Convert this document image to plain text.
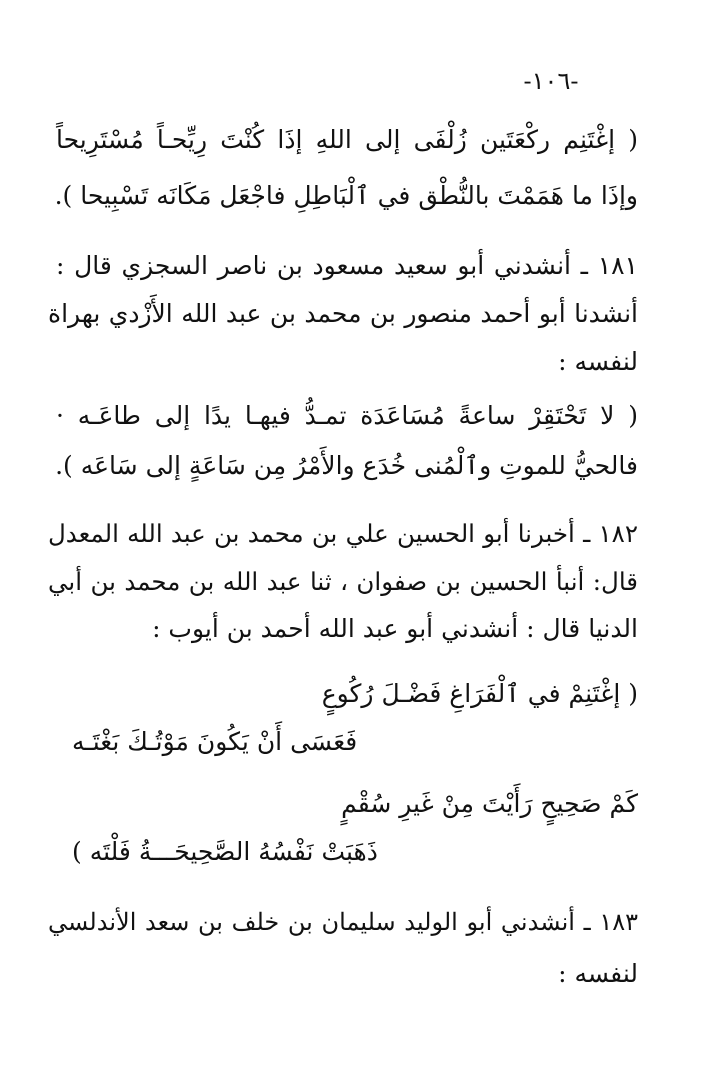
-١٠٦-
( إغْتَنِم ركْعَتَين زُلْفَى إلى اللهِ إذَا كُنْتَ رِيِّحـاً مُسْتَرِيحاً
وإذَا ما هَمَمْتَ بالنُّطْق في ٱلْبَاطِلِ فاجْعَل مَكَانَه تَسْبِيحا ).
١٨١ ـ أنشدني أبو سعيد مسعود بن ناصر السجزي قال :
أنشدنا أبو أحمد منصور بن محمد بن عبد الله الأَزْدي بهراة
لنفسه :
( لا تَحْتَقِرْ ساعةً مُسَاعَدَة تمـدُّ فيهـا يدًا إلى طاعَـه ·
فالحيُّ للموتِ وٱلْمُنى خُدَع والأَمْرُ مِن سَاعَةٍ إلى سَاعَه ).
١٨٢ ـ أخبرنا أبو الحسين علي بن محمد بن عبد الله المعدل
قال: أنبأ الحسين بن صفوان ، ثنا عبد الله بن محمد بن أبي
الدنيا قال : أنشدني أبو عبد الله أحمد بن أيوب :
( إغْتَنِمْ في ٱلْفَرَاغِ فَضْـلَ رُكُوعٍ
فَعَسَى أَنْ يَكُونَ مَوْتُـكَ بَغْتَـه
كَمْ صَحِيحٍ رَأَيْتَ مِنْ غَيرِ سُقْمٍ
ذَهَبَتْ نَفْسُهُ الصَّحِيحَـــةُ فَلْتَه )
١٨٣ ـ أنشدني أبو الوليد سليمان بن خلف بن سعد الأندلسي
لنفسه :
